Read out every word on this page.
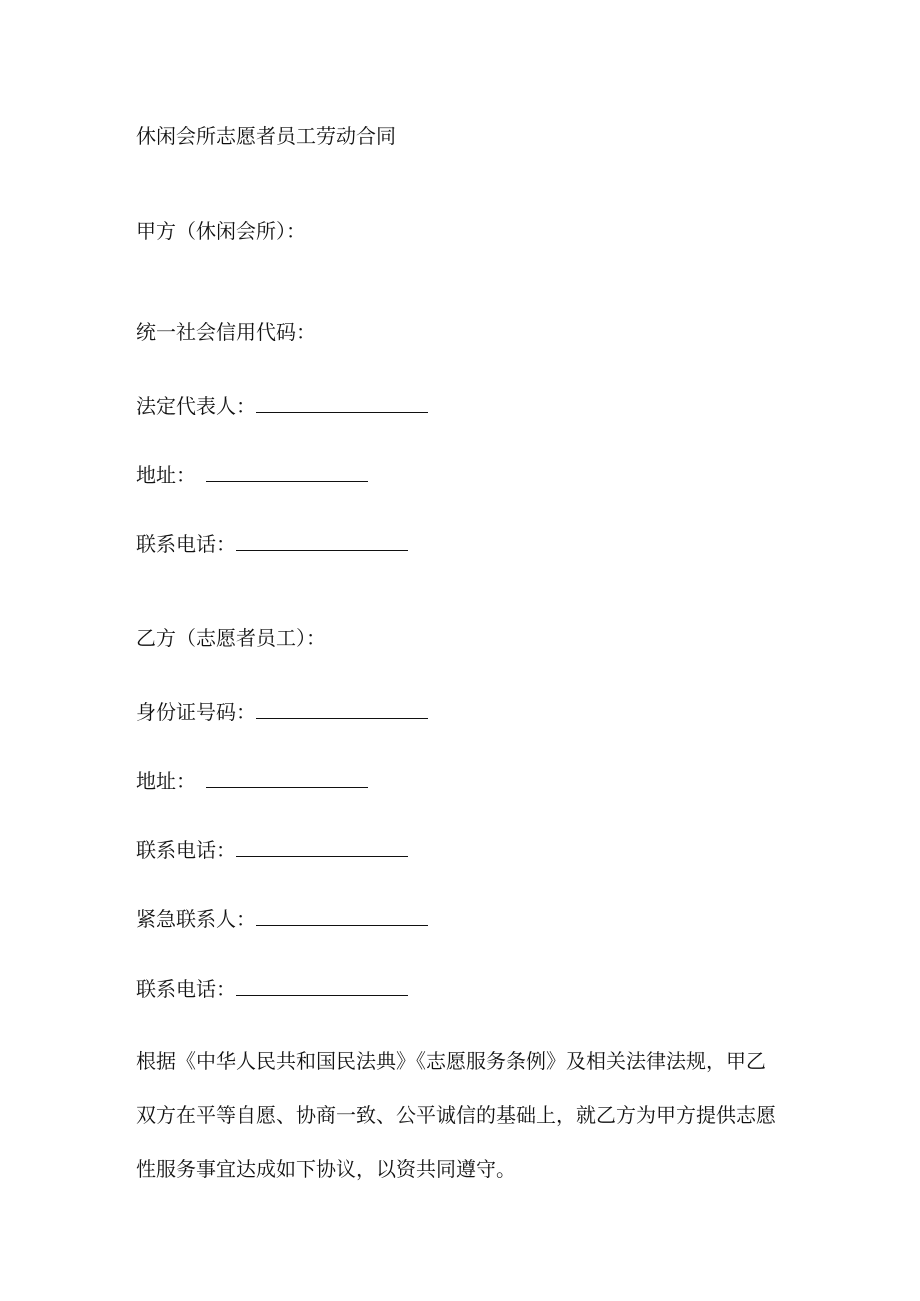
休闲会所志愿者员工劳动合同
甲方（休闲会所）：
统一社会信用代码：
法定代表人：
地址：
联系电话：
乙方（志愿者员工）：
身份证号码：
地址：
联系电话：
紧急联系人：
联系电话：
根据《中华人民共和国民法典》《志愿服务条例》及相关法律法规，甲乙
双方在平等自愿、协商一致、公平诚信的基础上，就乙方为甲方提供志愿
性服务事宜达成如下协议，以资共同遵守。
